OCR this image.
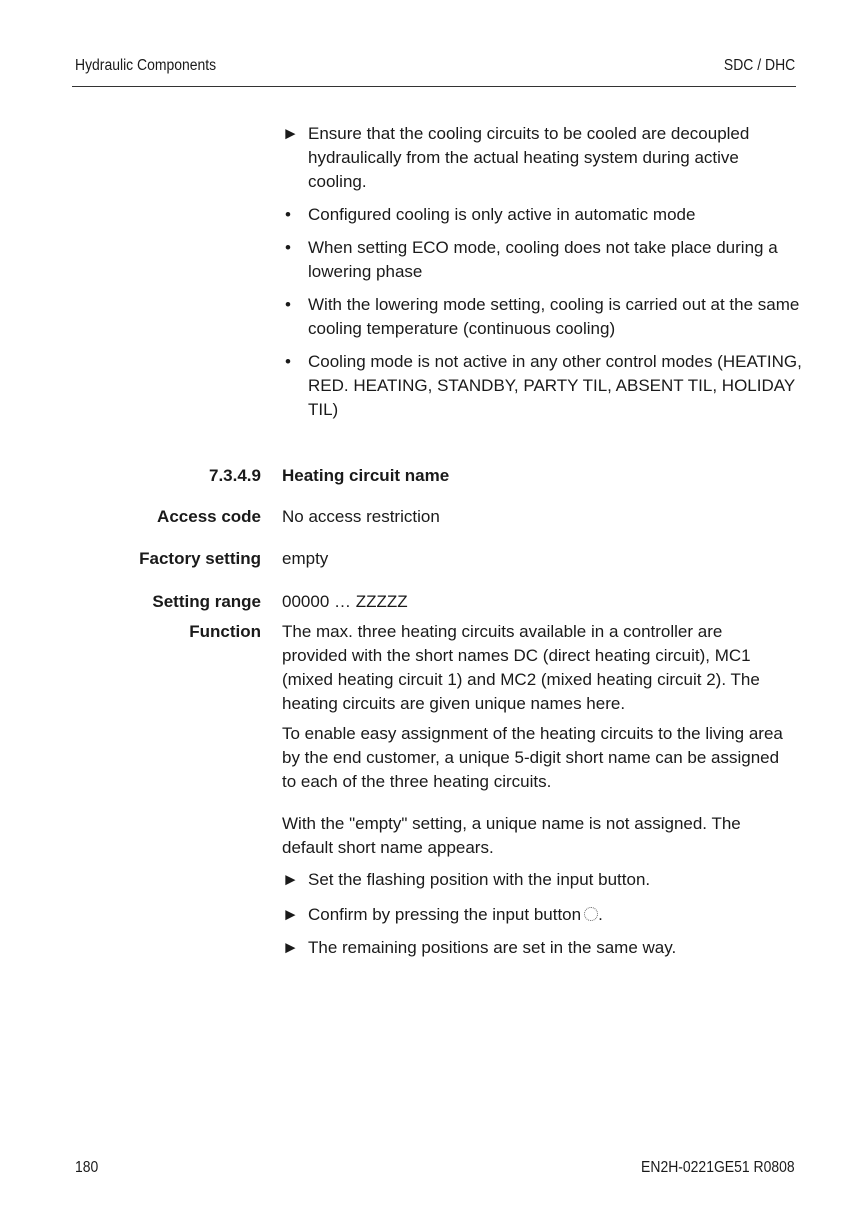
Hydraulic Components	SDC / DHC
► Ensure that the cooling circuits to be cooled are decoupled hydraulically from the actual heating system during active cooling.
• Configured cooling is only active in automatic mode
• When setting ECO mode, cooling does not take place during a lowering phase
• With the lowering mode setting, cooling is carried out at the same cooling temperature (continuous cooling)
• Cooling mode is not active in any other control modes (HEATING, RED. HEATING, STANDBY, PARTY TIL, ABSENT TIL, HOLIDAY TIL)
7.3.4.9 Heating circuit name
Access code No access restriction
Factory setting empty
Setting range 00000 … ZZZZZ
Function The max. three heating circuits available in a controller are provided with the short names DC (direct heating circuit), MC1 (mixed heating circuit 1) and MC2 (mixed heating circuit 2). The heating circuits are given unique names here.
To enable easy assignment of the heating circuits to the living area by the end customer, a unique 5-digit short name can be assigned to each of the three heating circuits.
With the "empty" setting, a unique name is not assigned. The default short name appears.
► Set the flashing position with the input button.
► Confirm by pressing the input button .
► The remaining positions are set in the same way.
180	EN2H-0221GE51 R0808
